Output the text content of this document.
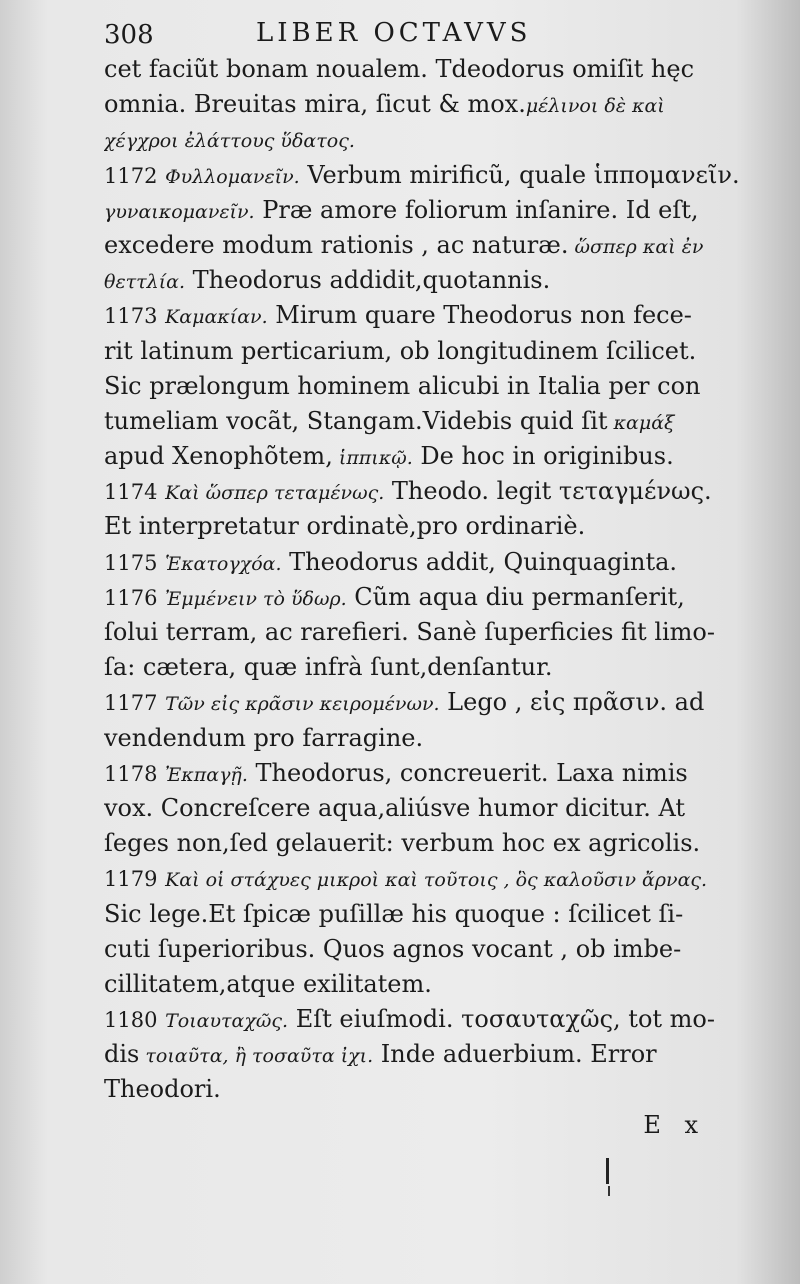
308	LIBER OCTAVVS
cet faciũt bonam noualem. Tdeodorus omiſit hęc
omnia. Breuitas mira, ſicut & mox.μέλινοι δὲ καὶ
χέγχροι ἐλάττους ὕδατος.
1172 Φυλλομανεῖν. Verbum mirificũ, quale ἱππομανεῖν.
γυναικομανεῖν. Præ amore foliorum inſanire. Id eſt,
excedere modum rationis , ac naturæ. ὥσπερ καὶ ἐν
θεττλία. Theodorus addidit,quotannis.
1173 Καμακίαν. Mirum quare Theodorus non fece-
rit latinum perticarium, ob longitudinem ſcilicet.
Sic prælongum hominem alicubi in Italia per con
tumeliam vocãt, Stangam.Videbis quid ſit καμάξ
apud Xenophõtem, ἱππικῷ. De hoc in originibus.
1174 Καὶ ὥσπερ τεταμένως. Theodo. legit τεταγμένως.
Et interpretatur ordinatè,pro ordinariè.
1175 Ἑκατογχόα. Theodorus addit, Quinquaginta.
1176 Ἐμμένειν τὸ ὕδωρ. Cũm aqua diu permanſerit,
ſolui terram, ac rarefieri. Sanè ſuperficies fit limo-
ſa: cætera, quæ infrà ſunt,denſantur.
1177 Τῶν εἰς κρᾶσιν κειρομένων. Lego , εἰς πρᾶσιν. ad
vendendum pro farragine.
1178 Ἐκπαγῇ. Theodorus, concreuerit. Laxa nimis
vox. Concreſcere aqua,aliúsve humor dicitur. At
ſeges non,ſed gelauerit: verbum hoc ex agricolis.
1179 Καὶ οἱ στάχυες μικροὶ καὶ τοῦτοις , ὃς καλοῦσιν ἄρνας.
Sic lege.Et ſpicæ puſillæ his quoque : ſcilicet ſi-
cuti ſuperioribus. Quos agnos vocant , ob imbe-
cillitatem,atque exilitatem.
1180 Τοιαυταχῶς. Eſt eiuſmodi. τοσαυταχῶς, tot mo-
dis τοιαῦτα, ἢ τοσαῦτα ἰχι. Inde aduerbium. Error
Theodori.
E x
